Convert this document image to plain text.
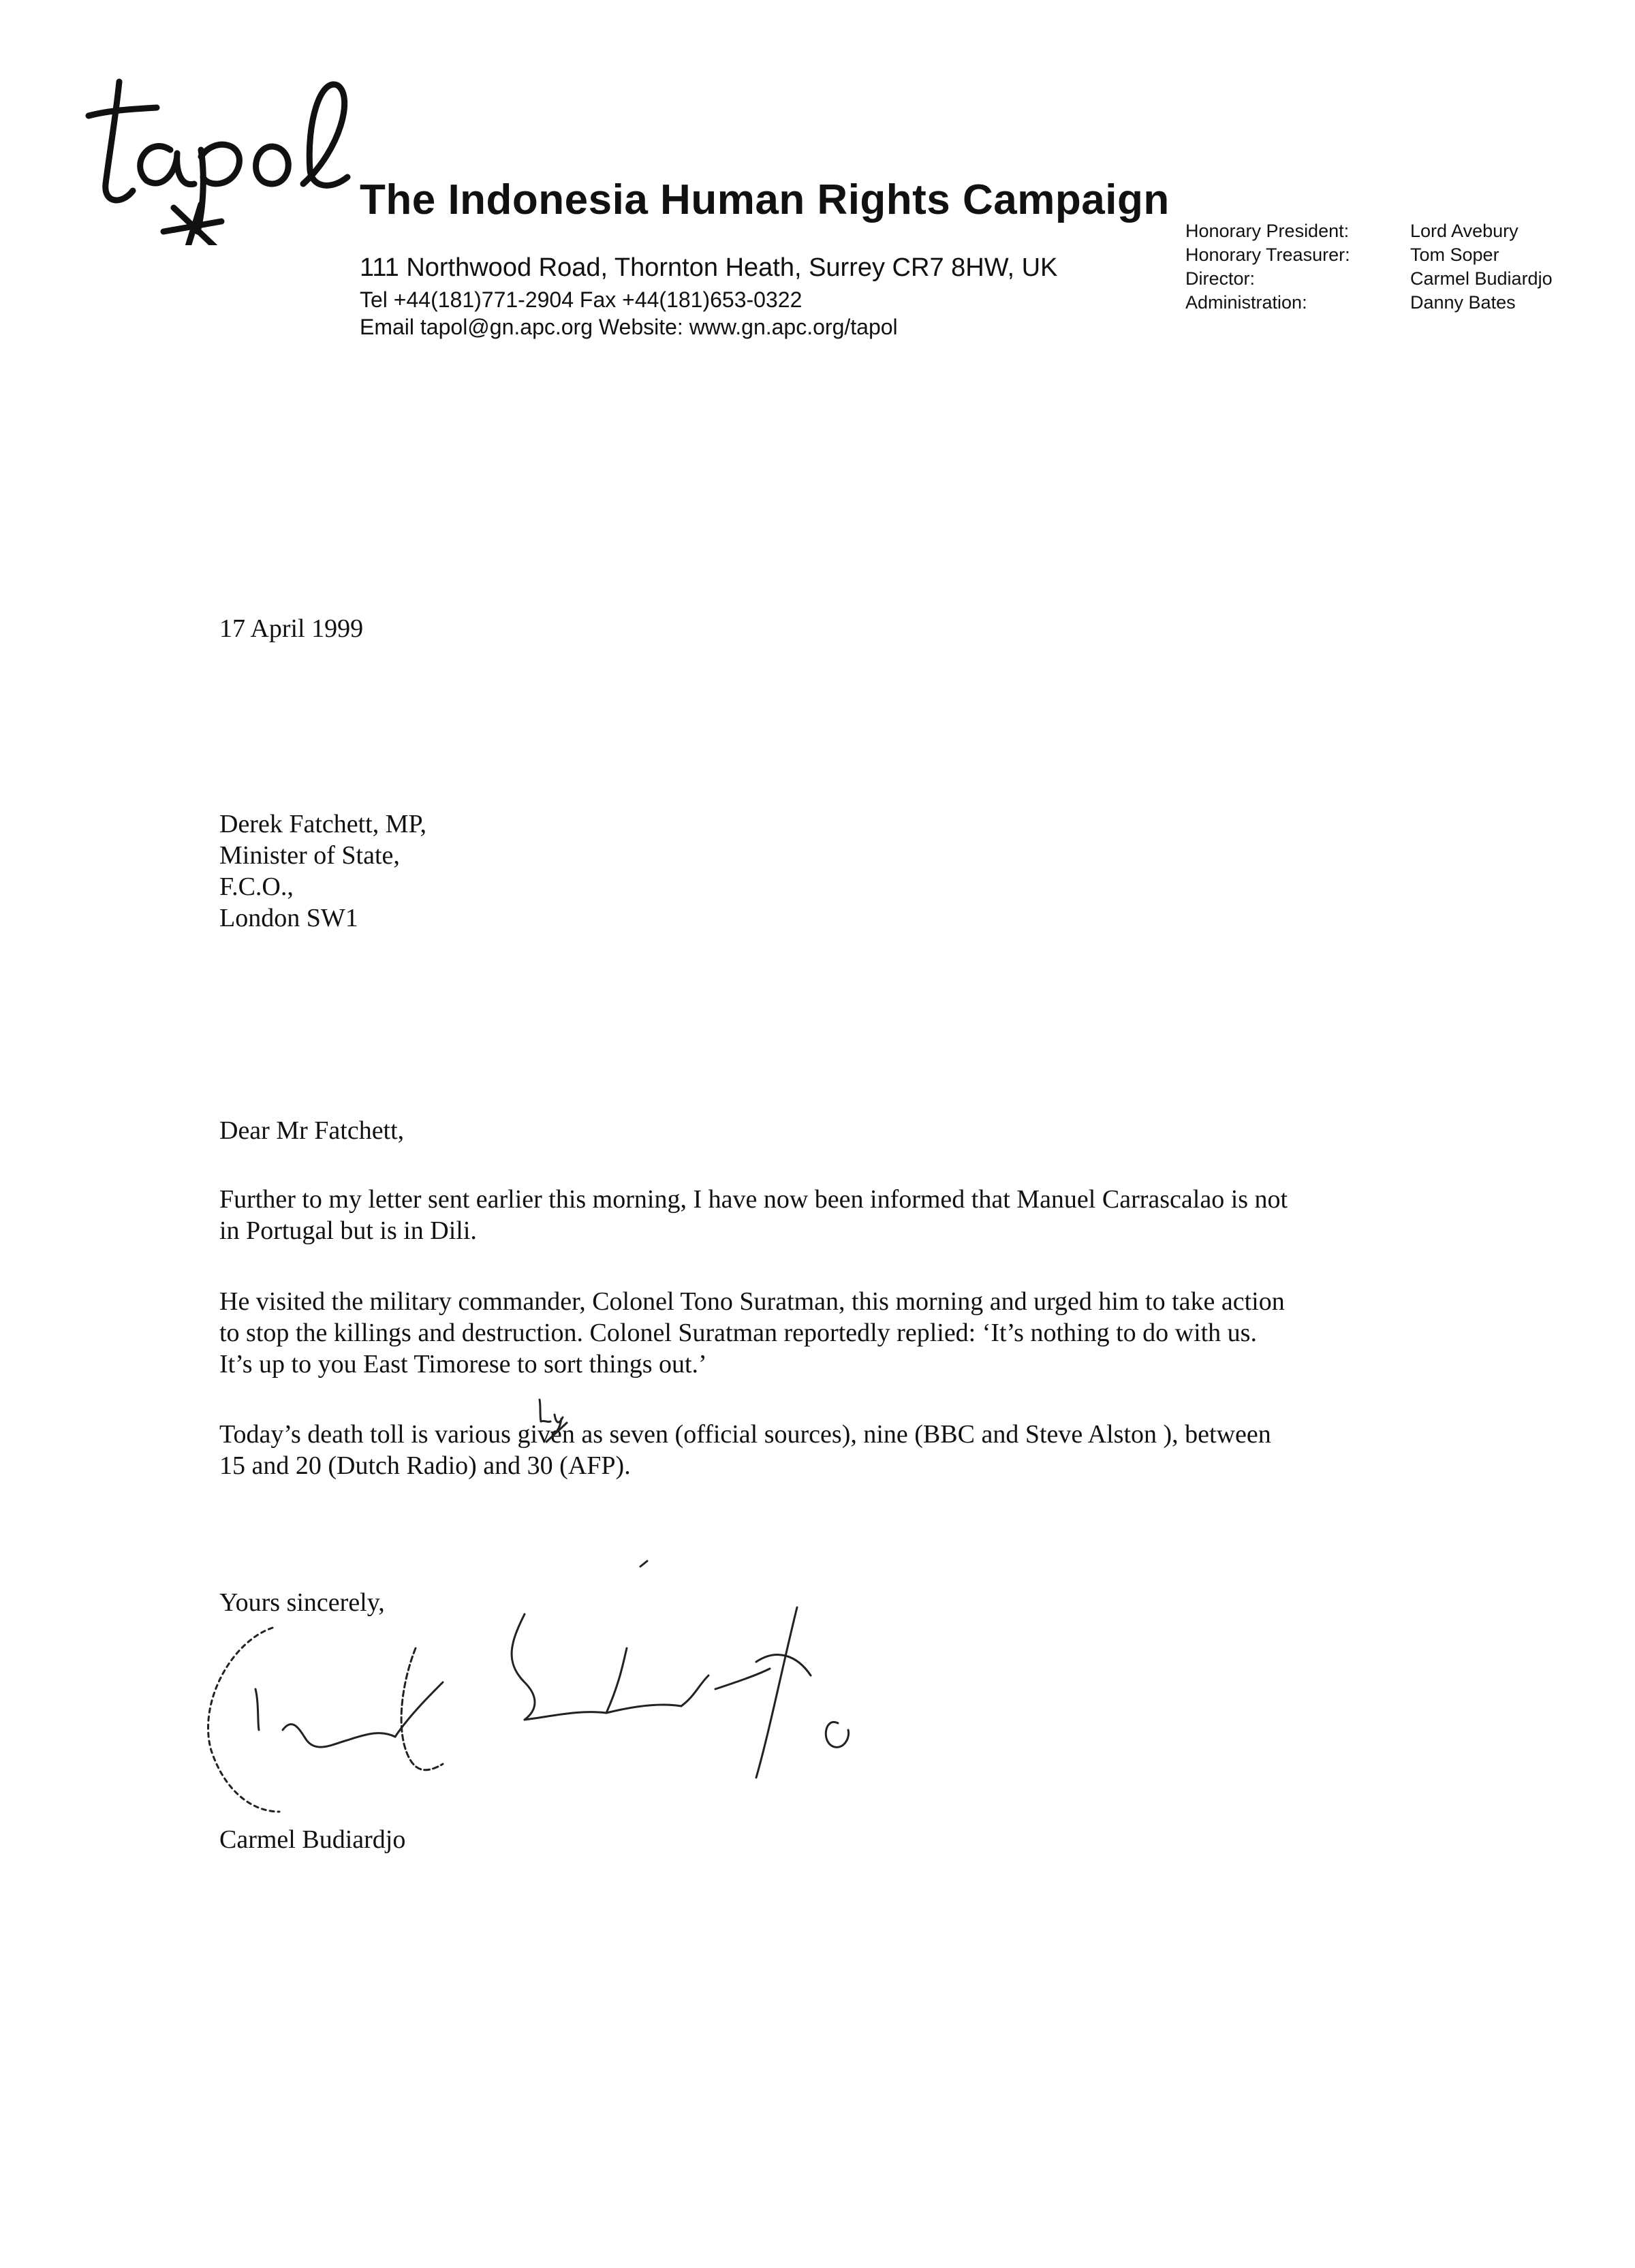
The Indonesia Human Rights Campaign
111 Northwood Road, Thornton Heath, Surrey CR7 8HW, UK
Tel +44(181)771-2904 Fax +44(181)653-0322
Email tapol@gn.apc.org Website: www.gn.apc.org/tapol
Honorary President:	Lord Avebury
Honorary Treasurer:	Tom Soper
Director:	Carmel Budiardjo
Administration:	Danny Bates
17 April 1999
Derek Fatchett, MP,
Minister of State,
F.C.O.,
London SW1
Dear Mr Fatchett,
Further to my letter sent earlier this morning, I have now been informed that Manuel Carrascalao is not
in Portugal but is in Dili.
He visited the military commander, Colonel Tono Suratman, this morning and urged him to take action
to stop the killings and destruction. Colonel Suratman reportedly replied: ‘It’s nothing to do with us.
It’s up to you East Timorese to sort things out.’
Today’s death toll is various given as seven (official sources), nine (BBC and Steve Alston ), between
15 and 20 (Dutch Radio) and 30 (AFP).
Yours sincerely,
Carmel Budiardjo
